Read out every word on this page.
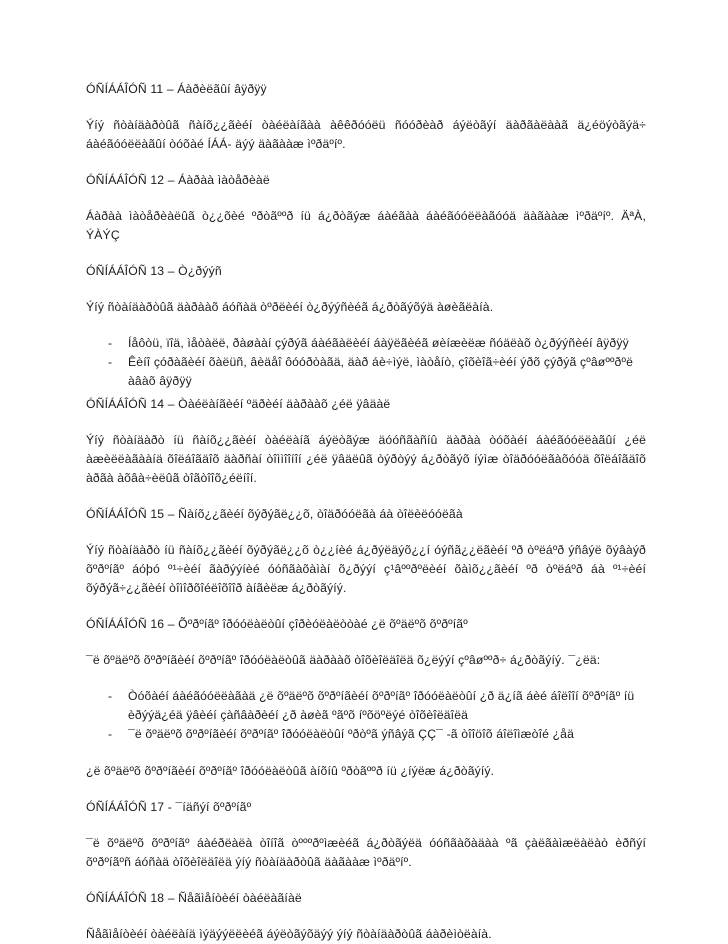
ÓÑÍÁÁÎÓÑ 11 – Áàðèëãûí âÿðÿÿ

Ýíý ñòàíäàðòûã ñàíõ¿¿ãèéí òàéëàíãàà àêêðóóëü ñóóðèàð áýëòãýí äàðãàëààã ä¿éöýòãýä÷ áàéãóóëëàãûí òóõàé ÍÁÁ- äýý äàãààæ ìºðäºíº.

ÓÑÍÁÁÎÓÑ 12 – Áàðàà ìàòåðèàë

Áàðàà ìàòåðèàëûã ò¿¿õèé ºðòãººð íü á¿ðòãýæ áàéãàà áàéãóóëëàãóóä äàãààæ ìºðäºíº. ÄªÀ, ÝÀÝÇ

ÓÑÍÁÁÎÓÑ 13 – Ò¿ðýýñ

Ýíý ñòàíäàðòûã äàðààõ áóñàä òºðëèéí ò¿ðýýñèéã á¿ðòãýõýä àøèãëàíà.

- Íåôòü, ïîä, ìåòàëë, ðàøààí çýðýã áàéãàëèéí áàÿëãèéã øèíæèëæ ñóäëàõ ò¿ðýýñèéí âÿðÿÿ
- Êèíî çóðàãèéí õàëüñ, âèäåî ôóóðòàãä, äàð áè÷ìýë, ìàòåíò, çîõèîã÷èéí ýðõ çýðýã çºâøººðºë àâàõ âÿðÿÿ
ÓÑÍÁÁÎÓÑ 14 – Òàéëàíãèéí ºäðèéí äàðààõ ¿éë ÿâäàë

Ýíý ñòàíäàðò íü ñàíõ¿¿ãèéí òàéëàíã áýëòãýæ äóóñãàñíû äàðàà òóõàéí áàéãóóëëàãûí ¿éë àæèëëàãààíä õîëáîãäîõ äàðñàí òîììîîíîí ¿éë ÿâäëûã òýðòýý á¿ðòãýõ íýìæ òîäðóóëãàõóóä õîëáîãäîõ àðãà àõâà÷èëûã òîãòîîõ¿éëíîí.

ÓÑÍÁÁÎÓÑ 15 – Ñàíõ¿¿ãèéí õýðýãë¿¿õ, òîäðóóëãà áà òîëèëóóëãà

Ýíý ñòàíäàðò íü ñàíõ¿¿ãèéí õýðýãë¿¿õ ò¿¿íèé á¿ðýëäýõ¿¿í óýñã¿¿ëãèéí ºð òºëáºð ýñâýë õýâàýð õºðºíãº áóþó º¹÷èéí ãàðýýíèé óóñãàõàìàí õ¿ðýýí ç¹âººðºëèéí õàìõ¿¿ãèéí ºð òºëáºð áà º¹÷èéí õýðýã÷¿¿ãèéí òîìîðõîéëîõîîð àíãèëæ á¿ðòãýíý.

ÓÑÍÁÁÎÓÑ 16 – Õºðºíãº îðóóëàëòûí çîðèóëàëòòàé ¿ë õºäëºõ õºðºíãº

¯ë õºäëºõ õºðºíãèéí õºðºíãº îðóóëàëòûã äàðààõ òîõèîëäîëä õ¿ëýýí çºâøººð÷ á¿ðòãýíý. ¯¿ëä:

- Òóõàéí áàéãóóëëàãàä ¿ë õºäëºõ õºðºíãèéí õºðºíãº îðóóëàëòûí ¿ð ä¿íã áèé áîëîîí õºðºíãº íü èðýýä¿éä ÿâèéí çàñâàðèéí ¿ð àøèã ºãºõ íºõöºëýé òîõèîëäîëä
- ¯ë õºäëºõ õºðºíãèéí õºðºíãº îðóóëàëòûí ºðòºã ýñâýã ÇÇ¯ -ã òîîöîõ áîëîìæòîé ¿åä

¿ë õºäëºõ õºðºíãèéí õºðºíãº îðóóëàëòûã àíõíû ºðòãººð íü ¿íýëæ á¿ðòãýíý.

ÓÑÍÁÁÎÓÑ 17 - ¯íäñýí õºðºíãº

¯ë õºäëºõ õºðºíãº áàéðëàëà òîíîã òºººðºìæèéã á¿ðòãýëä óóñãàõàäàà ºã çàëãàìæëàëàò èðñýí õºðºíãºñ áóñàä òîõèîëäîëä ýíý ñòàíäàðòûã äàãààæ ìºðäºíº.

ÓÑÍÁÁÎÓÑ 18 – Ñåãìåíòèéí òàéëàãíàë

Ñåãìåíòèéí òàéëàíä ìýäýýëëèéã áýëòãýõäýý ýíý ñòàíäàðòûã áàðèìòëàíà.
